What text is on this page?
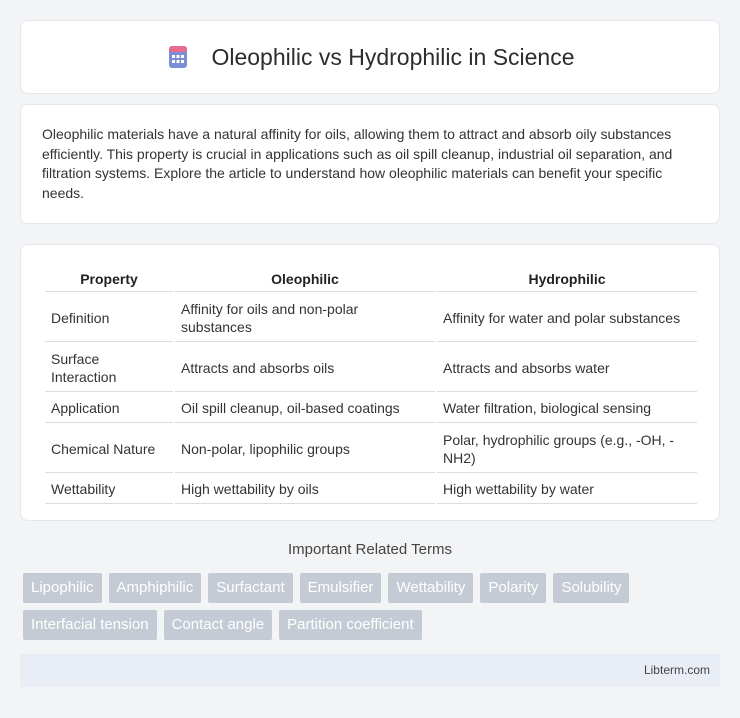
Oleophilic vs Hydrophilic in Science

Oleophilic materials have a natural affinity for oils, allowing them to attract and absorb oily substances efficiently. This property is crucial in applications such as oil spill cleanup, industrial oil separation, and filtration systems. Explore the article to understand how oleophilic materials can benefit your specific needs.

Property	Oleophilic	Hydrophilic
Definition	Affinity for oils and non-polar substances	Affinity for water and polar substances
Surface Interaction	Attracts and absorbs oils	Attracts and absorbs water
Application	Oil spill cleanup, oil-based coatings	Water filtration, biological sensing
Chemical Nature	Non-polar, lipophilic groups	Polar, hydrophilic groups (e.g., -OH, -NH2)
Wettability	High wettability by oils	High wettability by water
Important Related Terms
Lipophilic	Amphiphilic	Surfactant	Emulsifier	Wettability	Polarity	Solubility
Interfacial tension	Contact angle	Partition coefficient
Libterm.com
